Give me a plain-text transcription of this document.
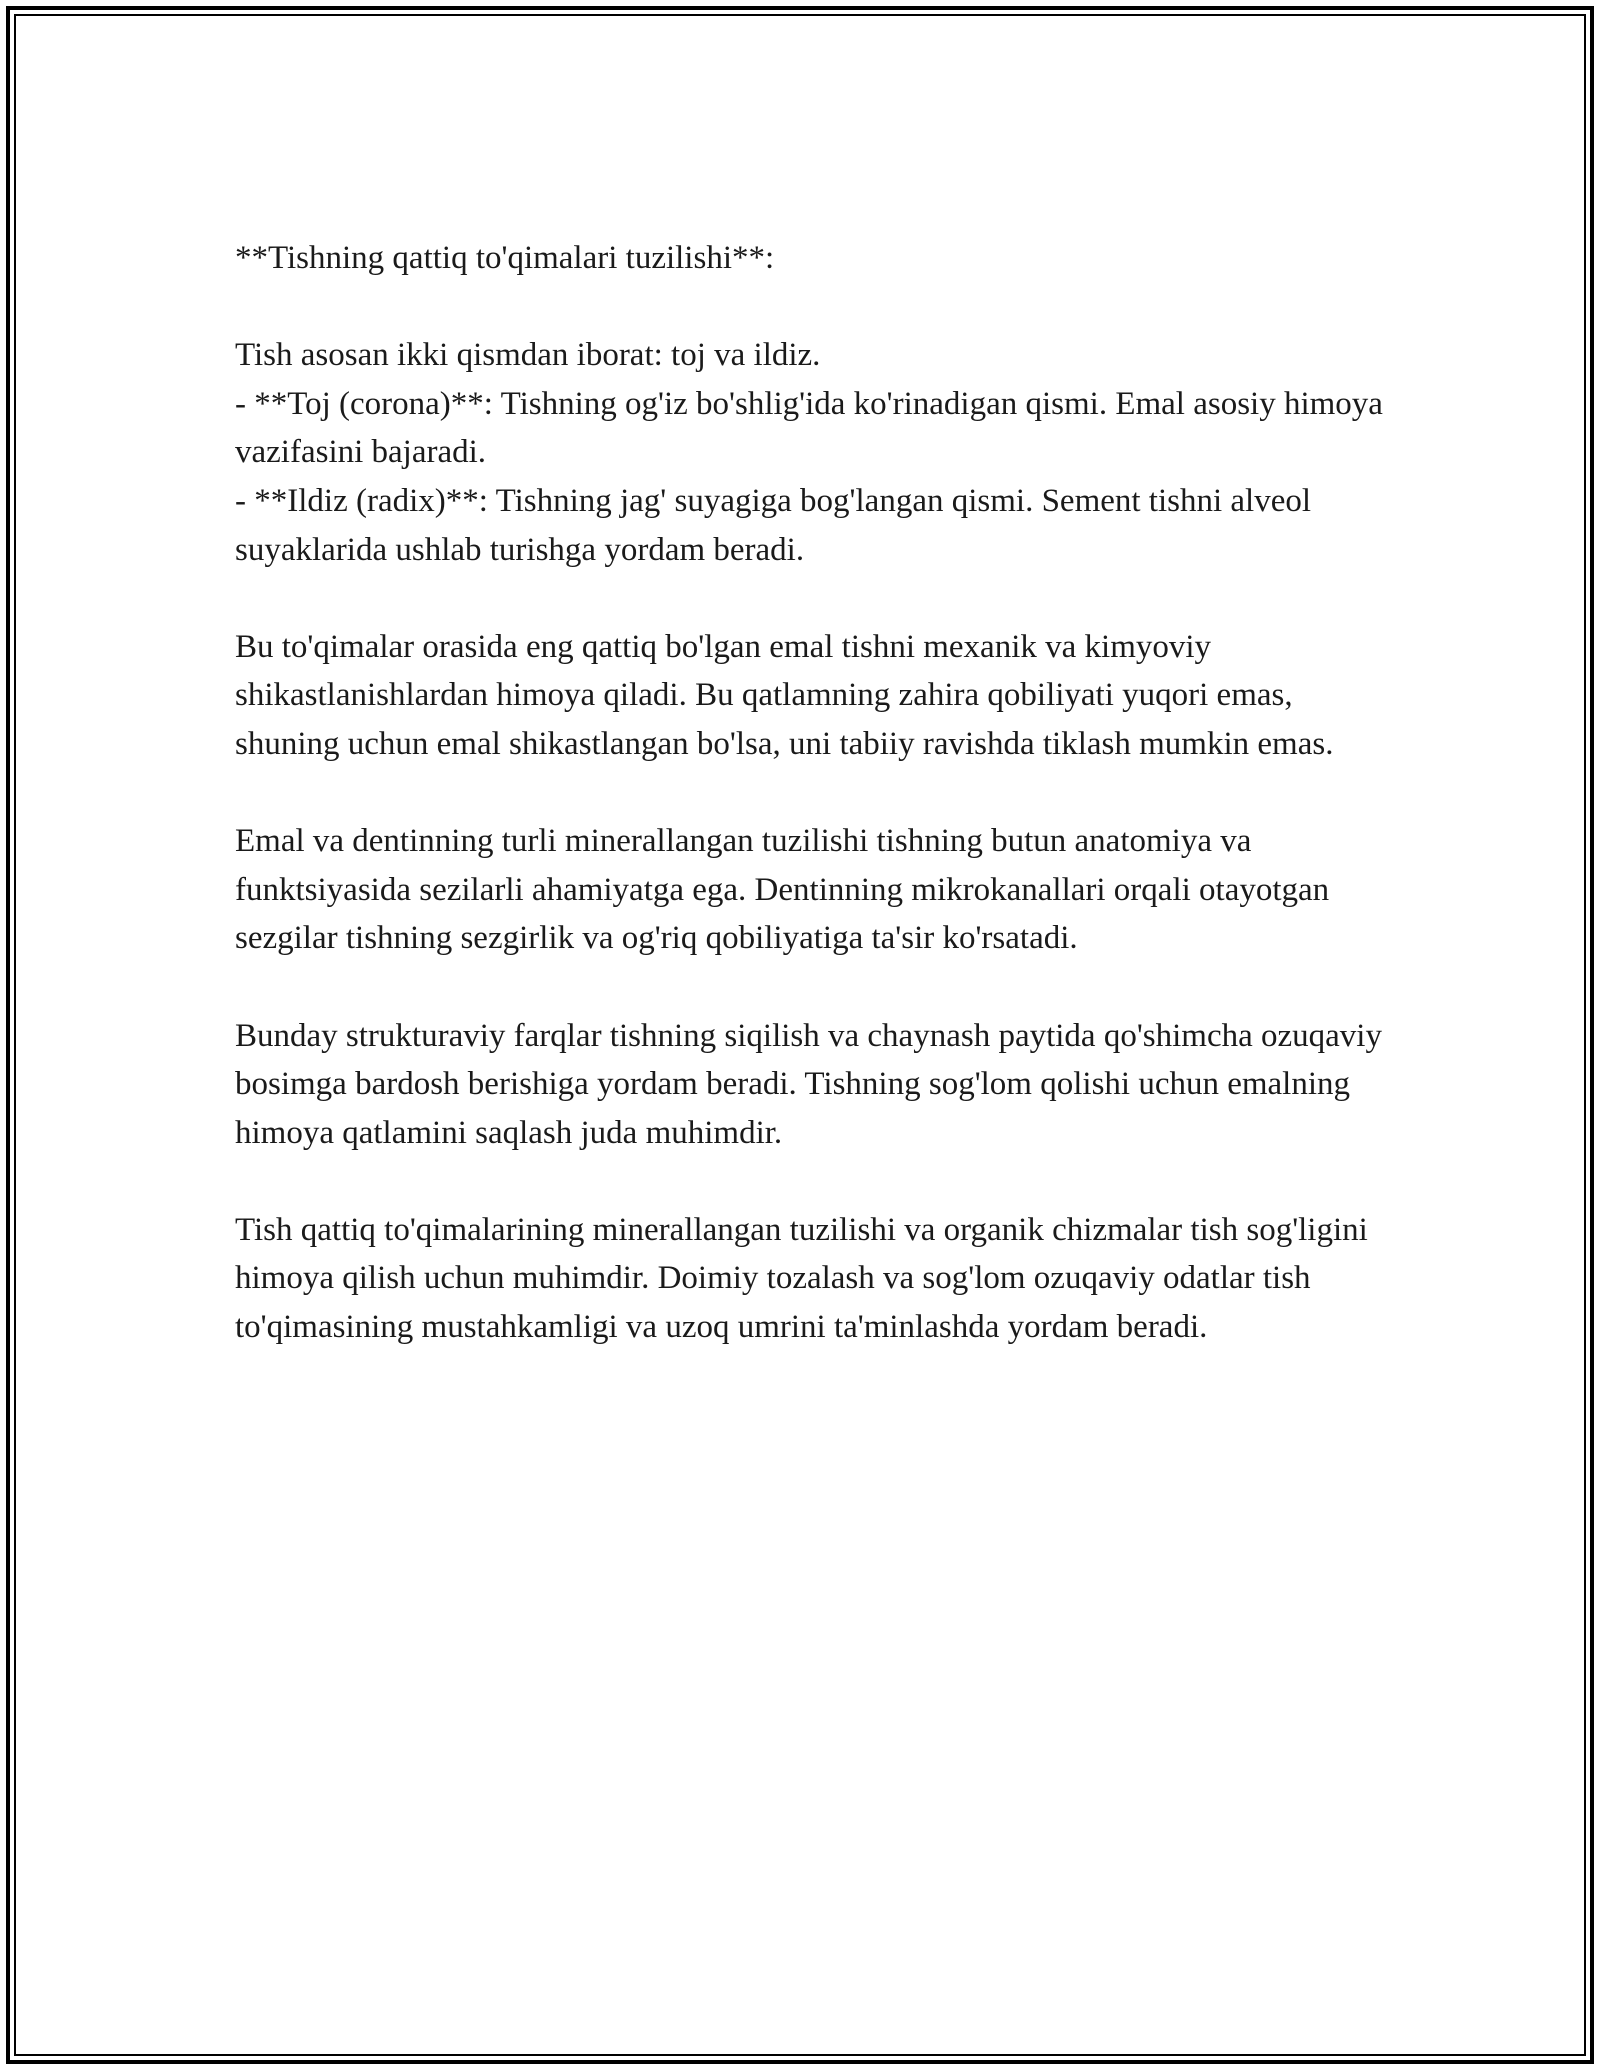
**Tishning qattiq to'qimalari tuzilishi**:

Tish asosan ikki qismdan iborat: toj va ildiz.

- **Toj (corona)**: Tishning og'iz bo'shlig'ida ko'rinadigan qismi. Emal asosiy himoya vazifasini bajaradi.

- **Ildiz (radix)**: Tishning jag' suyagiga bog'langan qismi. Sement tishni alveol suyaklarida ushlab turishga yordam beradi.

Bu to'qimalar orasida eng qattiq bo'lgan emal tishni mexanik va kimyoviy shikastlanishlardan himoya qiladi. Bu qatlamning zahira qobiliyati yuqori emas, shuning uchun emal shikastlangan bo'lsa, uni tabiiy ravishda tiklash mumkin emas.

Emal va dentinning turli minerallangan tuzilishi tishning butun anatomiya va funktsiyasida sezilarli ahamiyatga ega. Dentinning mikrokanallari orqali otayotgan sezgilar tishning sezgirlik va og'riq qobiliyatiga ta'sir ko'rsatadi.

Bunday strukturaviy farqlar tishning siqilish va chaynash paytida qo'shimcha ozuqaviy bosimga bardosh berishiga yordam beradi. Tishning sog'lom qolishi uchun emalning himoya qatlamini saqlash juda muhimdir.

Tish qattiq to'qimalarining minerallangan tuzilishi va organik chizmalar tish sog'ligini himoya qilish uchun muhimdir. Doimiy tozalash va sog'lom ozuqaviy odatlar tish to'qimasining mustahkamligi va uzoq umrini ta'minlashda yordam beradi.
